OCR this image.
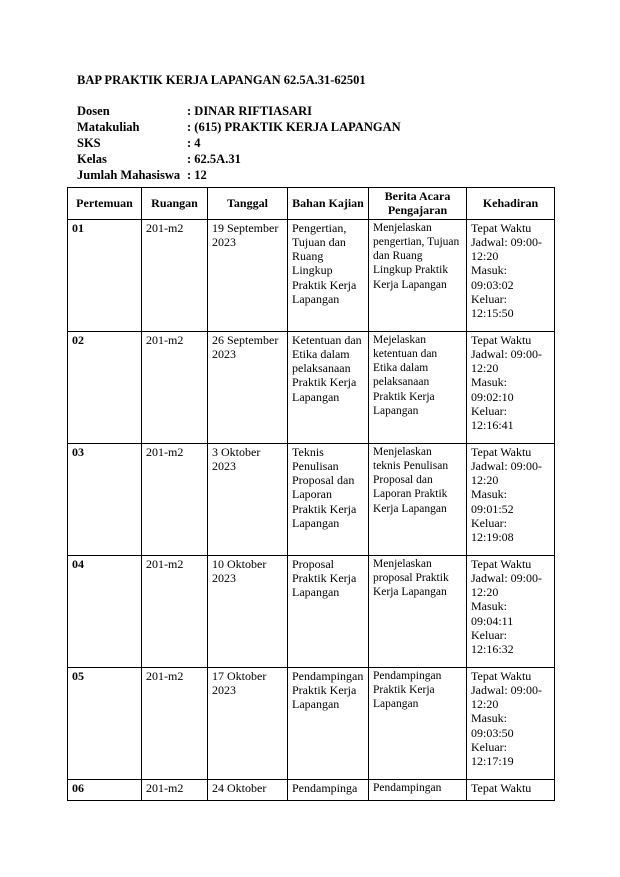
BAP PRAKTIK KERJA LAPANGAN 62.5A.31-62501
Dosen	: DINAR RIFTIASARI
Matakuliah	: (615) PRAKTIK KERJA LAPANGAN
SKS	: 4
Kelas	: 62.5A.31
Jumlah Mahasiswa : 12
Pertemuan	Ruangan	Tanggal	Bahan Kajian	Berita Acara Pengajaran	Kehadiran
01	201-m2	19 September 2023	Pengertian, Tujuan dan Ruang Lingkup Praktik Kerja Lapangan	Menjelaskan pengertian, Tujuan dan Ruang Lingkup Praktik Kerja Lapangan	Tepat Waktu
Jadwal: 09:00-12:20
Masuk: 09:03:02
Keluar: 12:15:50

02	201-m2	26 September 2023	Ketentuan dan Etika dalam pelaksanaan Praktik Kerja Lapangan	Mejelaskan ketentuan dan Etika dalam pelaksanaan Praktik Kerja Lapangan	Tepat Waktu
Jadwal: 09:00-12:20
Masuk: 09:02:10
Keluar: 12:16:41

03	201-m2	3 Oktober 2023	Teknis Penulisan Proposal dan Laporan Praktik Kerja Lapangan	Menjelaskan teknis Penulisan Proposal dan Laporan Praktik Kerja Lapangan	Tepat Waktu
Jadwal: 09:00-12:20
Masuk: 09:01:52
Keluar: 12:19:08

04	201-m2	10 Oktober 2023	Proposal Praktik Kerja Lapangan	Menjelaskan proposal Praktik Kerja Lapangan	Tepat Waktu
Jadwal: 09:00-12:20
Masuk: 09:04:11
Keluar: 12:16:32

05	201-m2	17 Oktober 2023	Pendampingan Praktik Kerja Lapangan	Pendampingan Praktik Kerja Lapangan	Tepat Waktu
Jadwal: 09:00-12:20
Masuk: 09:03:50
Keluar: 12:17:19

06	201-m2	24 Oktober	Pendampinga	Pendampingan	Tepat Waktu
